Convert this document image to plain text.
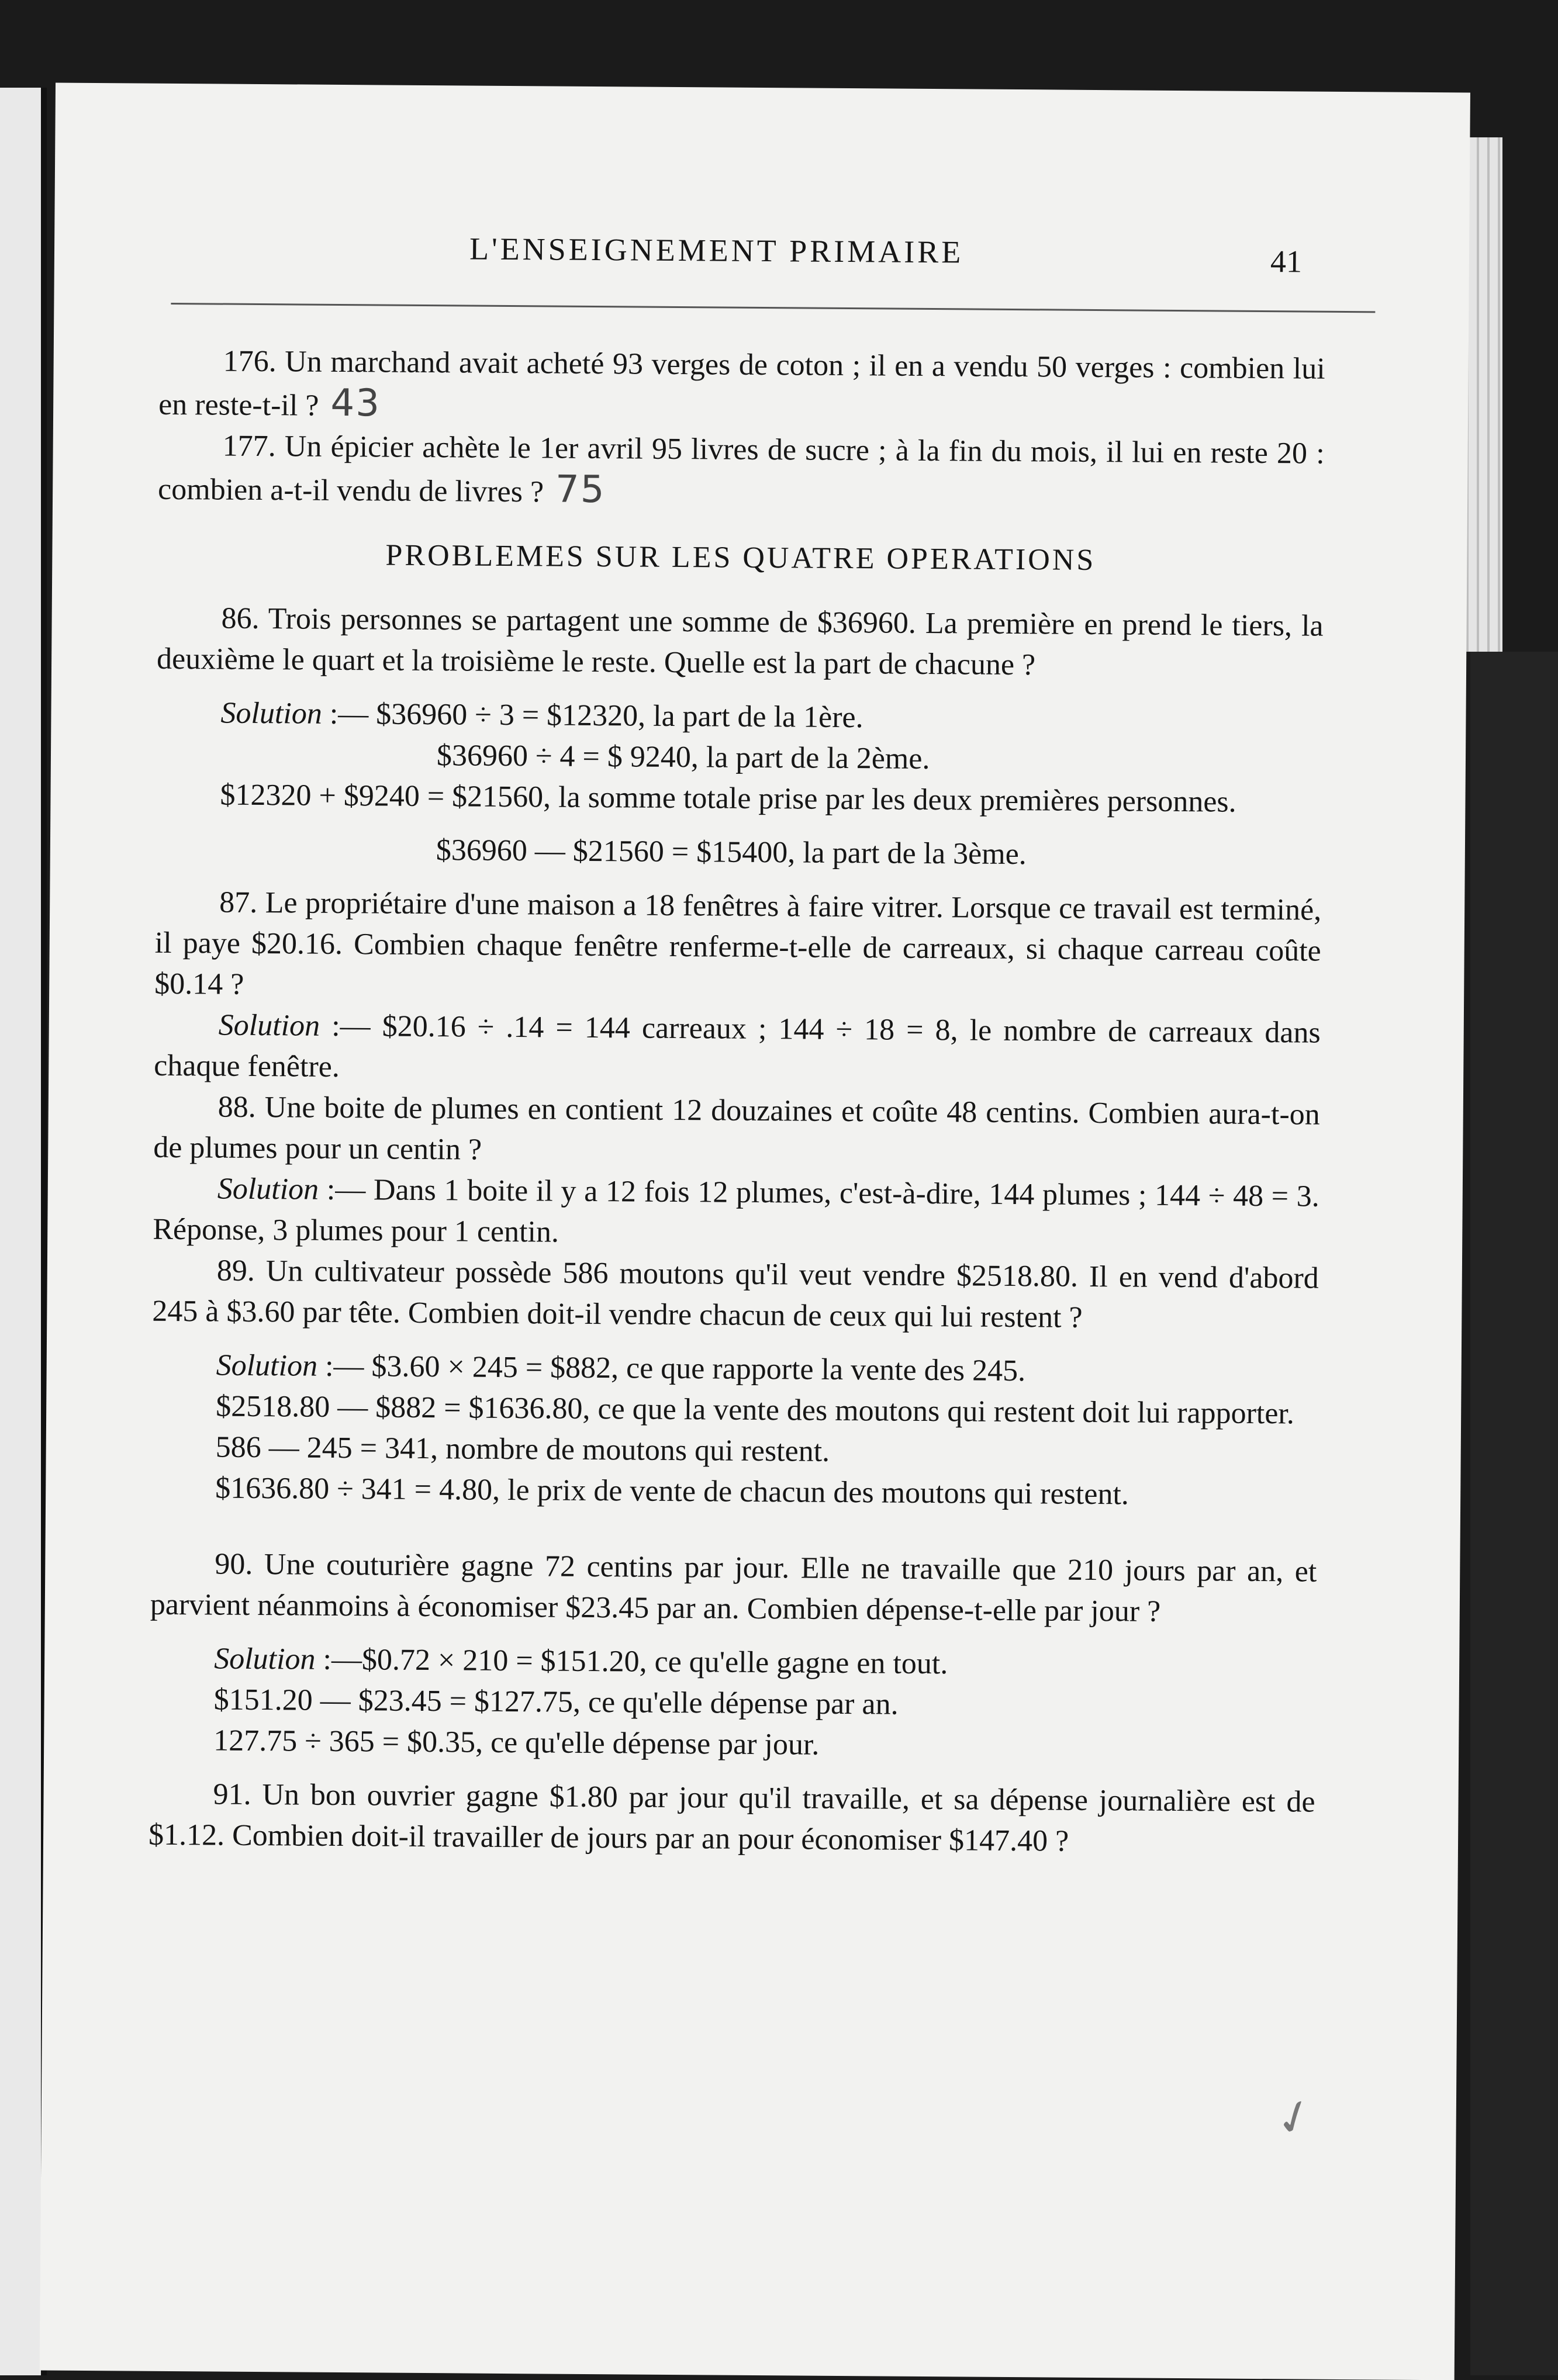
L'ENSEIGNEMENT PRIMAIRE	41

176. Un marchand avait acheté 93 verges de coton ; il en a vendu 50 verges : combien lui en reste-t-il ? 43

177. Un épicier achète le 1er avril 95 livres de sucre ; à la fin du mois, il lui en reste 20 : combien a-t-il vendu de livres ? 75

PROBLEMES SUR LES QUATRE OPERATIONS

86. Trois personnes se partagent une somme de $36960. La première en prend le tiers, la deuxième le quart et la troisième le reste. Quelle est la part de chacune ?

Solution :— $36960 ÷ 3 = $12320, la part de la 1ère.

$36960 ÷ 4 = $ 9240, la part de la 2ème.

$12320 + $9240 = $21560, la somme totale prise par les deux premières personnes.

$36960 — $21560 = $15400, la part de la 3ème.

87. Le propriétaire d'une maison a 18 fenêtres à faire vitrer. Lorsque ce travail est terminé, il paye $20.16. Combien chaque fenêtre renferme-t-elle de carreaux, si chaque carreau coûte $0.14 ?

Solution :— $20.16 ÷ .14 = 144 carreaux ; 144 ÷ 18 = 8, le nombre de carreaux dans chaque fenêtre.

88. Une boite de plumes en contient 12 douzaines et coûte 48 centins. Combien aura-t-on de plumes pour un centin ?

Solution :— Dans 1 boite il y a 12 fois 12 plumes, c'est-à-dire, 144 plumes ; 144 ÷ 48 = 3. Réponse, 3 plumes pour 1 centin.

89. Un cultivateur possède 586 moutons qu'il veut vendre $2518.80. Il en vend d'abord 245 à $3.60 par tête. Combien doit-il vendre chacun de ceux qui lui restent ?

Solution :— $3.60 × 245 = $882, ce que rapporte la vente des 245.

$2518.80 — $882 = $1636.80, ce que la vente des moutons qui restent doit lui rapporter.

586 — 245 = 341, nombre de moutons qui restent.

$1636.80 ÷ 341 = 4.80, le prix de vente de chacun des moutons qui restent.

90. Une couturière gagne 72 centins par jour. Elle ne travaille que 210 jours par an, et parvient néanmoins à économiser $23.45 par an. Combien dépense-t-elle par jour ?

Solution :—$0.72 × 210 = $151.20, ce qu'elle gagne en tout.

$151.20 — $23.45 = $127.75, ce qu'elle dépense par an.

127.75 ÷ 365 = $0.35, ce qu'elle dépense par jour.

91. Un bon ouvrier gagne $1.80 par jour qu'il travaille, et sa dépense journalière est de $1.12. Combien doit-il travailler de jours par an pour économiser $147.40 ?

✓
